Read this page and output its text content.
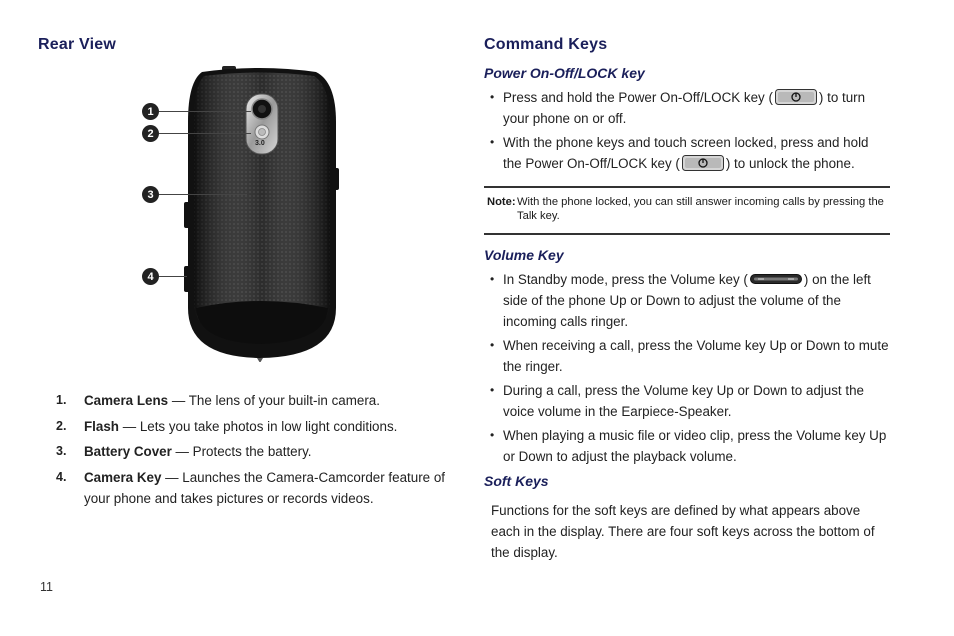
Rear View
3.0
1
2
3
4
1.	Camera Lens — The lens of your built-in camera.
2.	Flash — Lets you take photos in low light conditions.
3.	Battery Cover — Protects the battery.
4.	Camera Key — Launches the Camera-Camcorder feature of your phone and takes pictures or records videos.
Command Keys
Power On-Off/LOCK key
• Press and hold the Power On-Off/LOCK key (	) to turn your phone on or off.
• With the phone keys and touch screen locked, press and hold the Power On-Off/LOCK key (	) to unlock the phone.
Note: With the phone locked, you can still answer incoming calls by pressing the Talk key.
Volume Key
• In Standby mode, press the Volume key (	) on the left side of the phone Up or Down to adjust the volume of the incoming calls ringer.
• When receiving a call, press the Volume key Up or Down to mute the ringer.
• During a call, press the Volume key Up or Down to adjust the voice volume in the Earpiece-Speaker.
• When playing a music file or video clip, press the Volume key Up or Down to adjust the playback volume.
Soft Keys
Functions for the soft keys are defined by what appears above each in the display. There are four soft keys across the bottom of the display.
11
